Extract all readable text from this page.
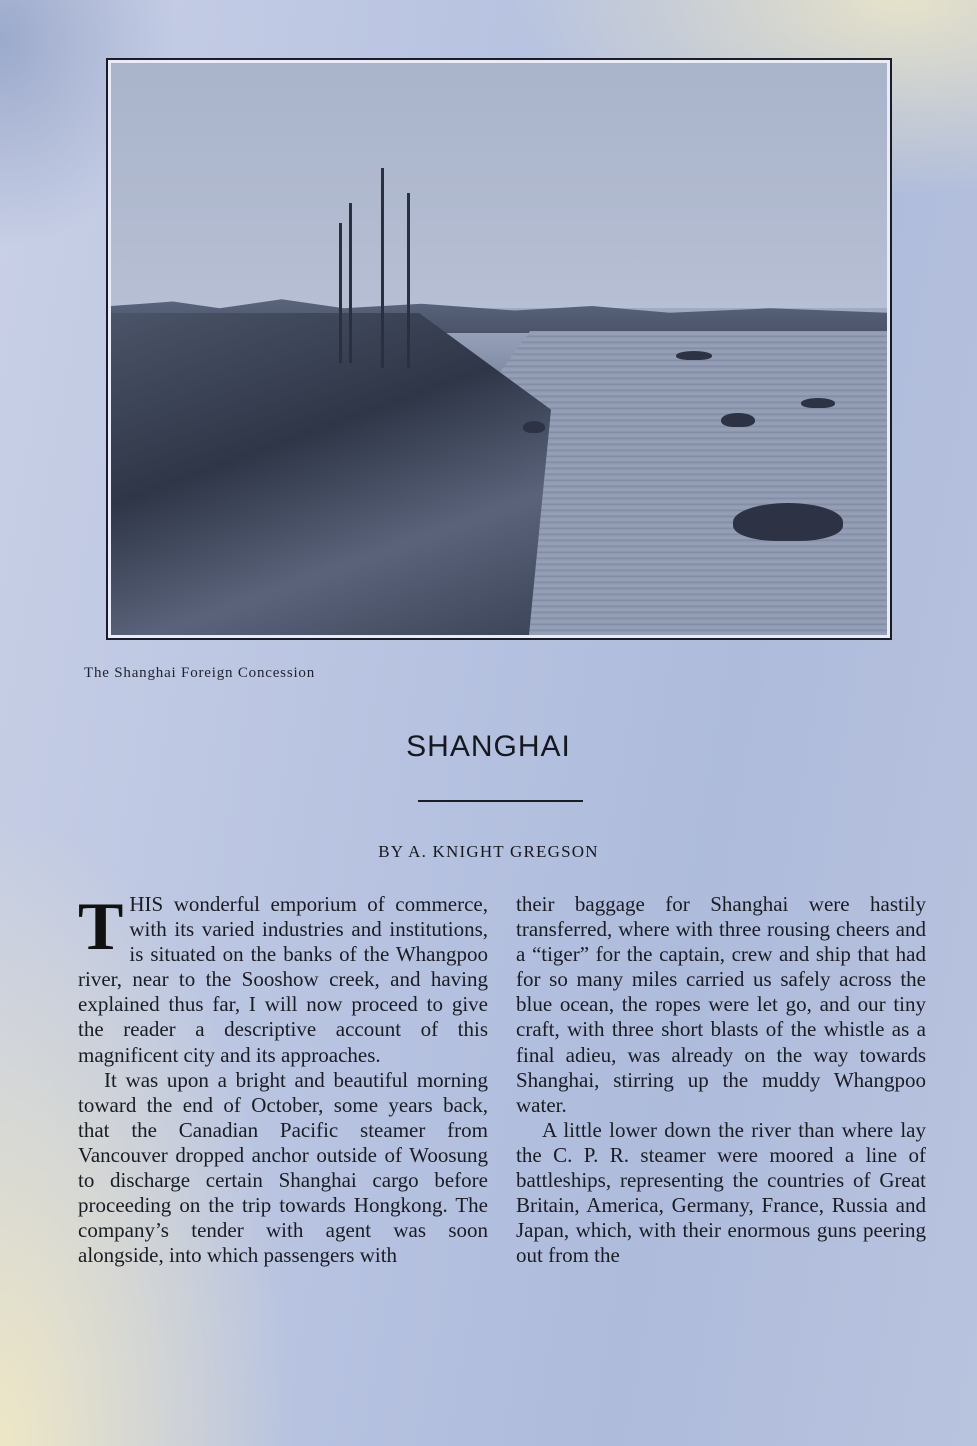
The Shanghai Foreign Concession
SHANGHAI
BY A. KNIGHT GREGSON

THIS wonderful emporium of commerce, with its varied industries and institutions, is situated on the banks of the Whangpoo river, near to the Sooshow creek, and having explained thus far, I will now proceed to give the reader a descriptive account of this magnificent city and its approaches.

It was upon a bright and beautiful morning toward the end of October, some years back, that the Canadian Pacific steamer from Vancouver dropped anchor outside of Woosung to discharge certain Shanghai cargo before proceeding on the trip towards Hongkong. The company’s tender with agent was soon alongside, into which passengers with

their baggage for Shanghai were hastily transferred, where with three rousing cheers and a “tiger” for the captain, crew and ship that had for so many miles carried us safely across the blue ocean, the ropes were let go, and our tiny craft, with three short blasts of the whistle as a final adieu, was already on the way towards Shanghai, stirring up the muddy Whangpoo water.

A little lower down the river than where lay the C. P. R. steamer were moored a line of battleships, representing the countries of Great Britain, America, Germany, France, Russia and Japan, which, with their enormous guns peering out from the
